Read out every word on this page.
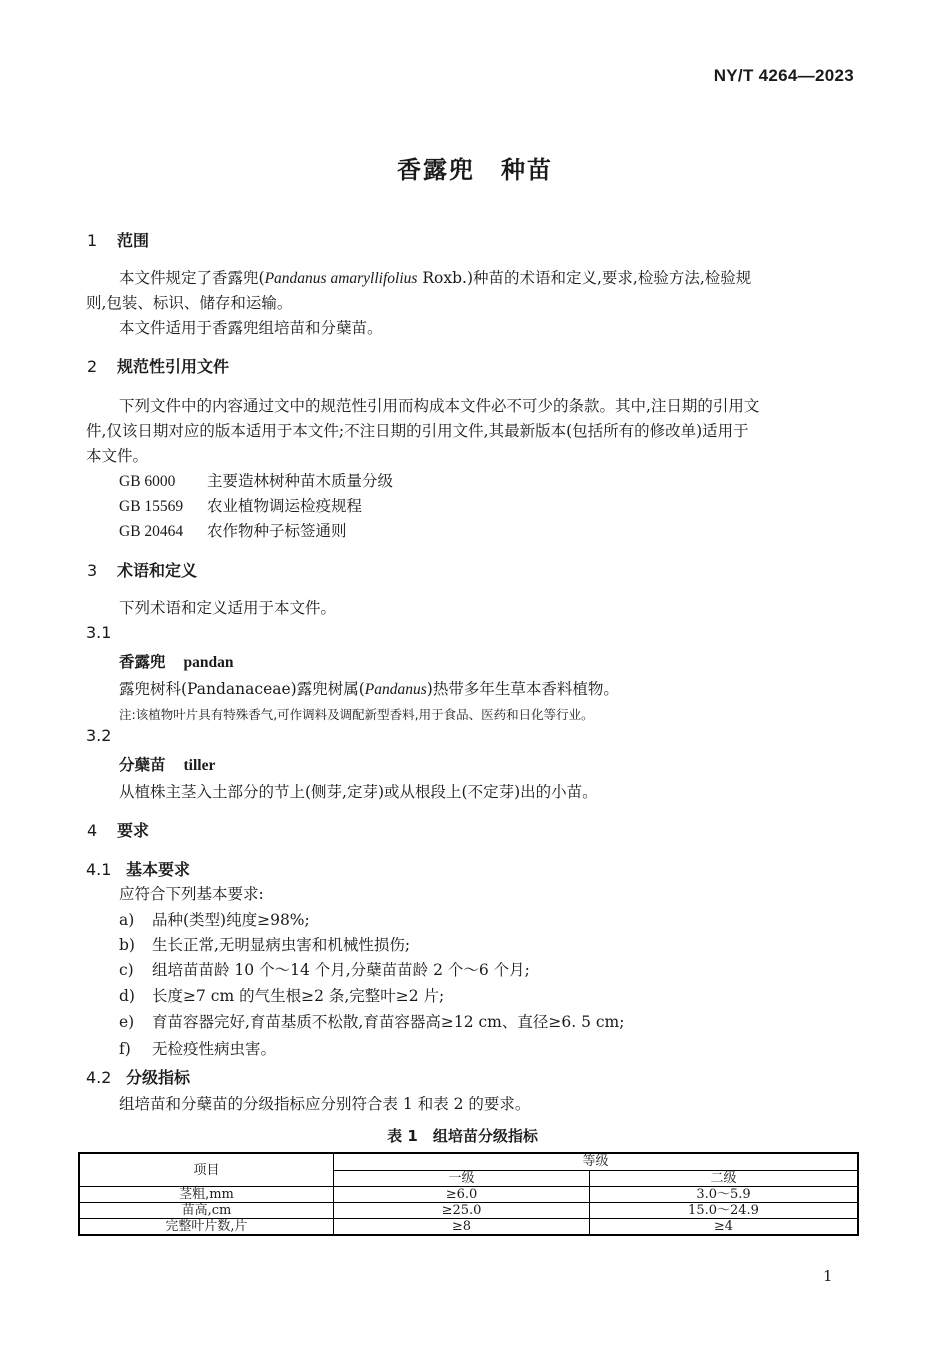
NY/T 4264—2023
香露兜　种苗
1 范围
本文件规定了香露兜(Pandanus amaryllifolius Roxb.)种苗的术语和定义,要求,检验方法,检验规
则,包装、标识、储存和运输。
本文件适用于香露兜组培苗和分蘖苗。
2 规范性引用文件
下列文件中的内容通过文中的规范性引用而构成本文件必不可少的条款。其中,注日期的引用文
件,仅该日期对应的版本适用于本文件;不注日期的引用文件,其最新版本(包括所有的修改单)适用于
本文件。
GB 6000 主要造林树种苗木质量分级
GB 15569 农业植物调运检疫规程
GB 20464 农作物种子标签通则
3 术语和定义
下列术语和定义适用于本文件。
3.1
香露兜 pandan
露兜树科(Pandanaceae)露兜树属(Pandanus)热带多年生草本香料植物。
注:该植物叶片具有特殊香气,可作调料及调配新型香料,用于食品、医药和日化等行业。
3.2
分蘖苗 tiller
从植株主茎入土部分的节上(侧芽,定芽)或从根段上(不定芽)出的小苗。
4 要求
4.1 基本要求
应符合下列基本要求:
a) 品种(类型)纯度≥98%;
b) 生长正常,无明显病虫害和机械性损伤;
c) 组培苗苗龄 10 个～14 个月,分蘖苗苗龄 2 个～6 个月;
d) 长度≥7 cm 的气生根≥2 条,完整叶≥2 片;
e) 育苗容器完好,育苗基质不松散,育苗容器高≥12 cm、直径≥6. 5 cm;
f) 无检疫性病虫害。
4.2 分级指标
组培苗和分蘖苗的分级指标应分别符合表 1 和表 2 的要求。
表 1　组培苗分级指标
项目	等级	
	一级	二级
茎粗,mm	≥6.0	3.0～5.9
苗高,cm	≥25.0	15.0～24.9
完整叶片数,片	≥8	≥4
1
